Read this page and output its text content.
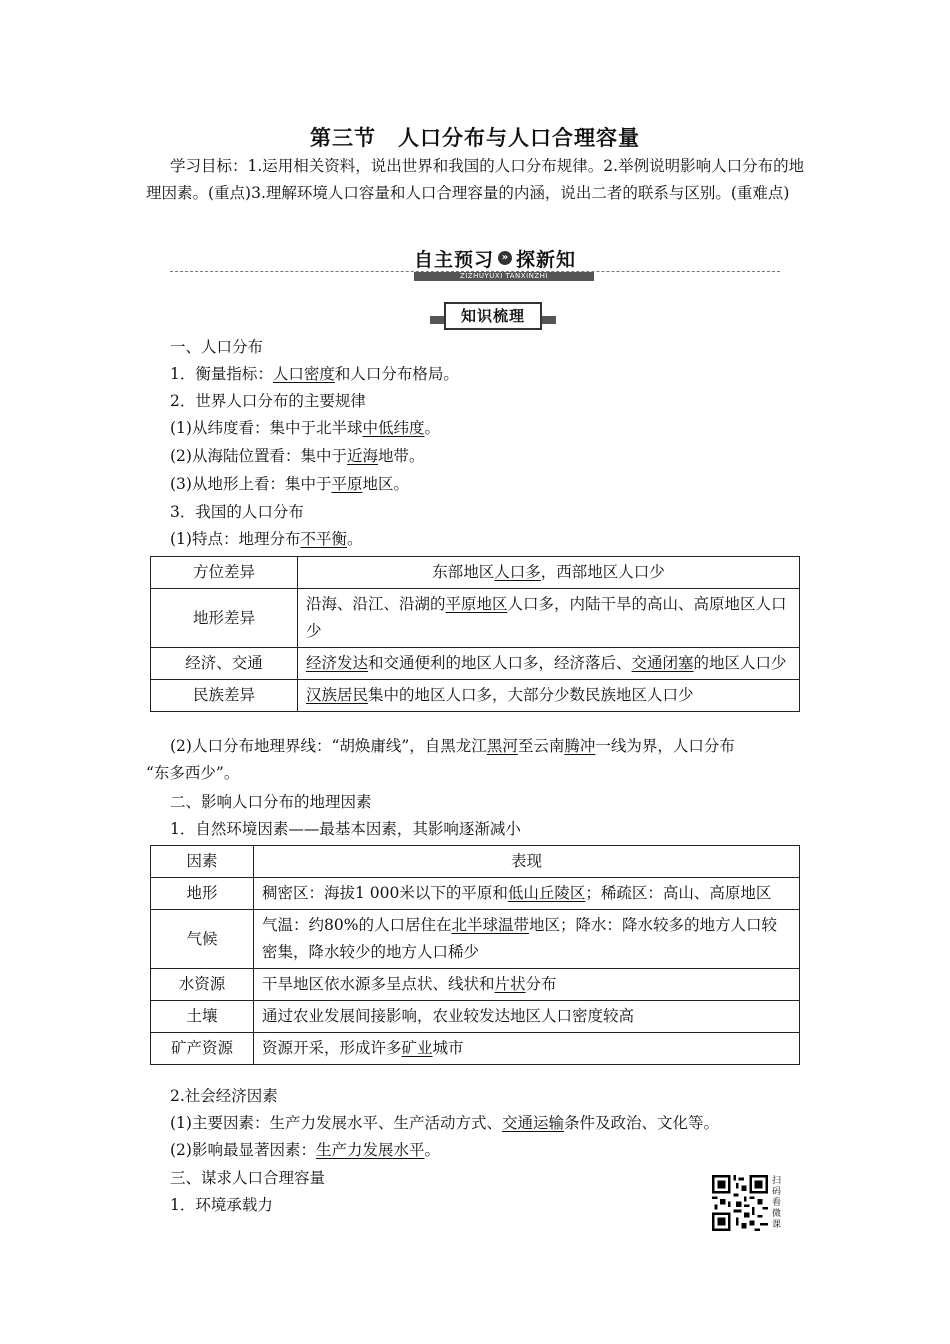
第三节 人口分布与人口合理容量
学习目标：1.运用相关资料，说出世界和我国的人口分布规律。2.举例说明影响人口分布的地理因素。(重点)3.理解环境人口容量和人口合理容量的内涵，说出二者的联系与区别。(重难点)
自主预习 » 探新知
ZIZHUYUXI TANXINZHI
知识梳理
一、人口分布
1．衡量指标：人口密度和人口分布格局。
2．世界人口分布的主要规律
(1)从纬度看：集中于北半球中低纬度。
(2)从海陆位置看：集中于近海地带。
(3)从地形上看：集中于平原地区。
3．我国的人口分布
(1)特点：地理分布不平衡。
方位差异	东部地区人口多，西部地区人口少
地形差异	沿海、沿江、沿湖的平原地区人口多，内陆干旱的高山、高原地区人口少
经济、交通	经济发达和交通便利的地区人口多，经济落后、交通闭塞的地区人口少
民族差异	汉族居民集中的地区人口多，大部分少数民族地区人口少
(2)人口分布地理界线：“胡焕庸线”，自黑龙江黑河至云南腾冲一线为界，人口分布
“东多西少”。
二、影响人口分布的地理因素
1．自然环境因素——最基本因素，其影响逐渐减小
因素	表现
地形	稠密区：海拔1 000米以下的平原和低山丘陵区；稀疏区：高山、高原地区
气候	气温：约80%的人口居住在北半球温带地区；降水：降水较多的地方人口较密集，降水较少的地方人口稀少
水资源	干旱地区依水源多呈点状、线状和片状分布
土壤	通过农业发展间接影响，农业较发达地区人口密度较高
矿产资源	资源开采，形成许多矿业城市
2.社会经济因素
(1)主要因素：生产力发展水平、生产活动方式、交通运输条件及政治、文化等。
(2)影响最显著因素：生产力发展水平。
三、谋求人口合理容量
1．环境承载力
扫码看微课
